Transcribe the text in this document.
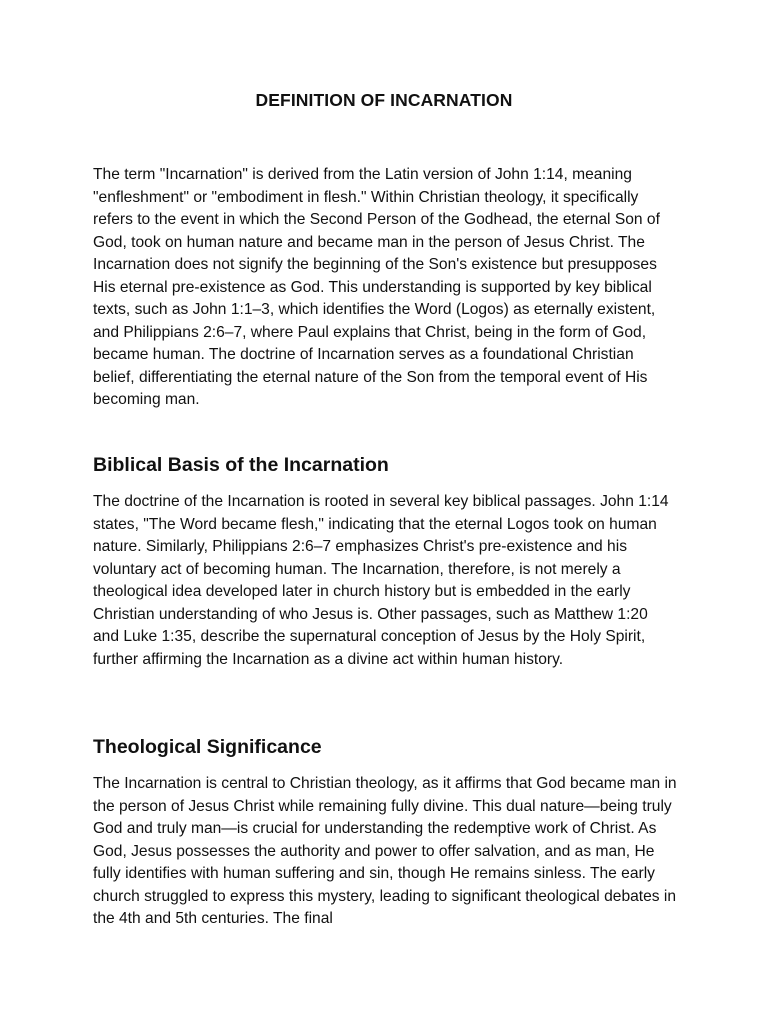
DEFINITION OF INCARNATION

The term "Incarnation" is derived from the Latin version of John 1:14, meaning "enfleshment" or "embodiment in flesh." Within Christian theology, it specifically refers to the event in which the Second Person of the Godhead, the eternal Son of God, took on human nature and became man in the person of Jesus Christ. The Incarnation does not signify the beginning of the Son's existence but presupposes His eternal pre-existence as God. This understanding is supported by key biblical texts, such as John 1:1–3, which identifies the Word (Logos) as eternally existent, and Philippians 2:6–7, where Paul explains that Christ, being in the form of God, became human. The doctrine of Incarnation serves as a foundational Christian belief, differentiating the eternal nature of the Son from the temporal event of His becoming man.

Biblical Basis of the Incarnation

The doctrine of the Incarnation is rooted in several key biblical passages. John 1:14 states, "The Word became flesh," indicating that the eternal Logos took on human nature. Similarly, Philippians 2:6–7 emphasizes Christ's pre-existence and his voluntary act of becoming human. The Incarnation, therefore, is not merely a theological idea developed later in church history but is embedded in the early Christian understanding of who Jesus is. Other passages, such as Matthew 1:20 and Luke 1:35, describe the supernatural conception of Jesus by the Holy Spirit, further affirming the Incarnation as a divine act within human history.

Theological Significance

The Incarnation is central to Christian theology, as it affirms that God became man in the person of Jesus Christ while remaining fully divine. This dual nature—being truly God and truly man—is crucial for understanding the redemptive work of Christ. As God, Jesus possesses the authority and power to offer salvation, and as man, He fully identifies with human suffering and sin, though He remains sinless. The early church struggled to express this mystery, leading to significant theological debates in the 4th and 5th centuries. The final
